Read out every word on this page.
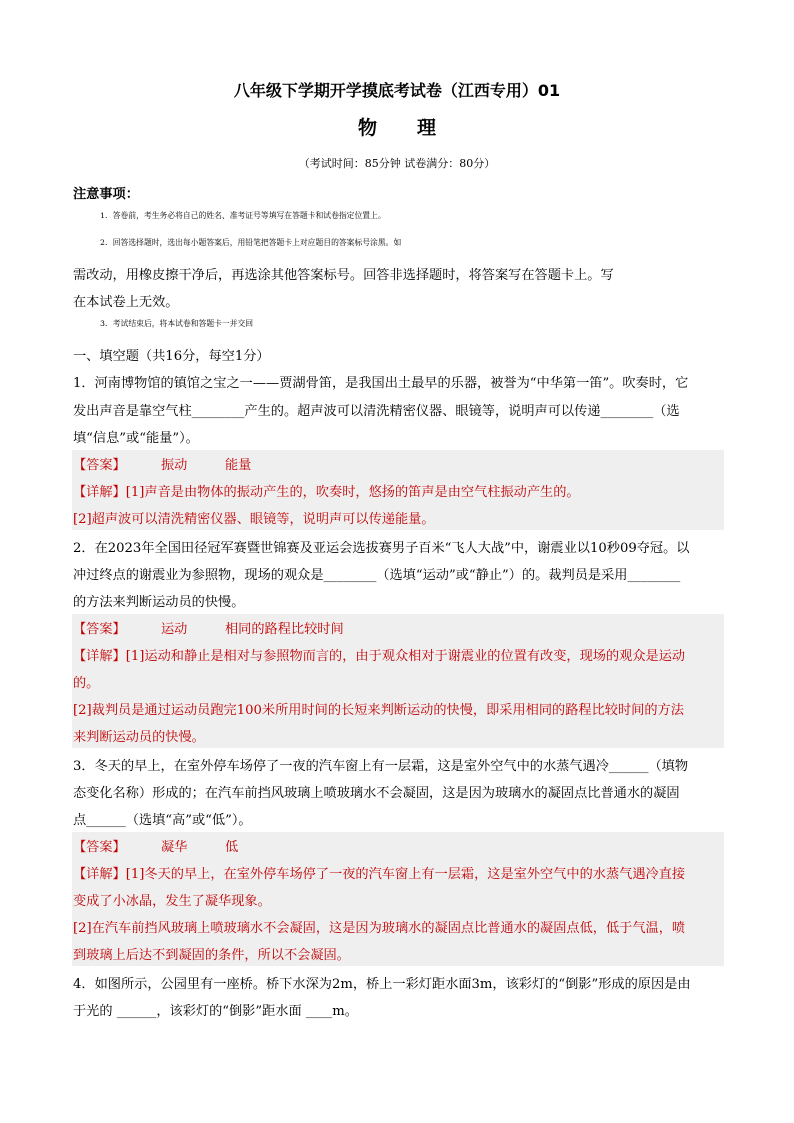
八年级下学期开学摸底考试卷（江西专用）01
物理
（考试时间：85分钟 试卷满分：80分）
注意事项：
1．答卷前，考生务必将自己的姓名、准考证号等填写在答题卡和试卷指定位置上。
2．回答选择题时，选出每小题答案后，用铅笔把答题卡上对应题目的答案标号涂黑。如
需改动，用橡皮擦干净后，再选涂其他答案标号。回答非选择题时，将答案写在答题卡上。写
在本试卷上无效。
3．考试结束后，将本试卷和答题卡一并交回
一、填空题（共16分，每空1分）
1．河南博物馆的镇馆之宝之一——贾湖骨笛，是我国出土最早的乐器，被誉为“中华第一笛”。吹奏时，它
发出声音是靠空气柱________产生的。超声波可以清洗精密仪器、眼镜等，说明声可以传递________（选
填“信息”或“能量”）。
【答案】	振动	能量
【详解】[1]声音是由物体的振动产生的，吹奏时，悠扬的笛声是由空气柱振动产生的。
[2]超声波可以清洗精密仪器、眼镜等，说明声可以传递能量。
2．在2023年全国田径冠军赛暨世锦赛及亚运会选拔赛男子百米“飞人大战”中，谢震业以10秒09夺冠。以
冲过终点的谢震业为参照物，现场的观众是________（选填“运动”或“静止”）的。裁判员是采用________
的方法来判断运动员的快慢。
【答案】	运动	相同的路程比较时间
【详解】[1]运动和静止是相对与参照物而言的，由于观众相对于谢震业的位置有改变，现场的观众是运动
的。
[2]裁判员是通过运动员跑完100米所用时间的长短来判断运动的快慢，即采用相同的路程比较时间的方法
来判断运动员的快慢。
3．冬天的早上，在室外停车场停了一夜的汽车窗上有一层霜，这是室外空气中的水蒸气遇冷______（填物
态变化名称）形成的；在汽车前挡风玻璃上喷玻璃水不会凝固，这是因为玻璃水的凝固点比普通水的凝固
点______（选填“高”或“低”）。
【答案】	凝华	低
【详解】[1]冬天的早上，在室外停车场停了一夜的汽车窗上有一层霜，这是室外空气中的水蒸气遇冷直接
变成了小冰晶，发生了凝华现象。
[2]在汽车前挡风玻璃上喷玻璃水不会凝固，这是因为玻璃水的凝固点比普通水的凝固点低，低于气温，喷
到玻璃上后达不到凝固的条件，所以不会凝固。
4．如图所示，公园里有一座桥。桥下水深为2m，桥上一彩灯距水面3m，该彩灯的“倒影”形成的原因是由
于光的 ______，该彩灯的“倒影”距水面 ____m。
